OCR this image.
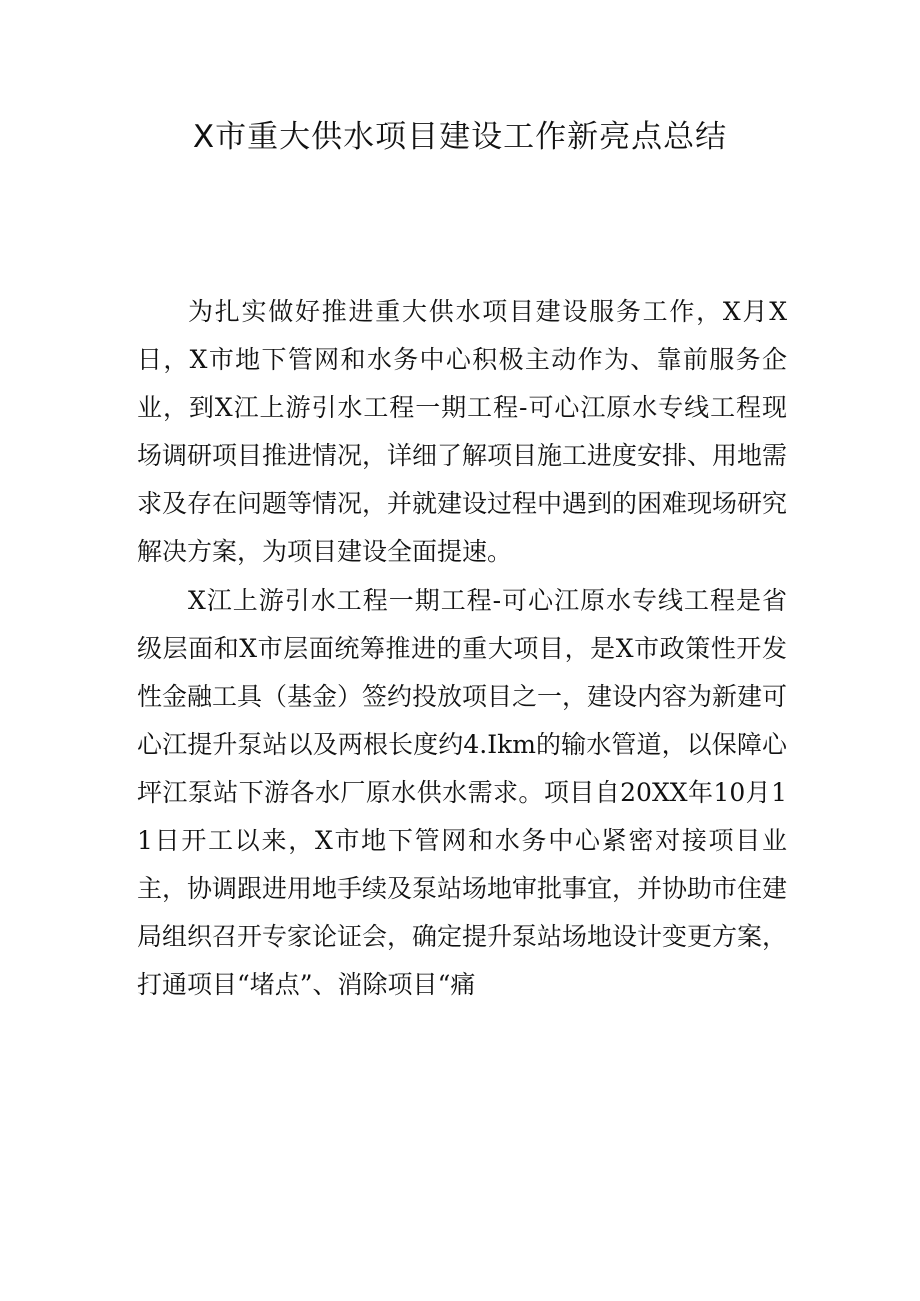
X市重大供水项目建设工作新亮点总结

为扎实做好推进重大供水项目建设服务工作，X月X日，X市地下管网和水务中心积极主动作为、靠前服务企业，到X江上游引水工程一期工程-可心江原水专线工程现场调研项目推进情况，详细了解项目施工进度安排、用地需求及存在问题等情况，并就建设过程中遇到的困难现场研究解决方案，为项目建设全面提速。

X江上游引水工程一期工程-可心江原水专线工程是省级层面和X市层面统筹推进的重大项目，是X市政策性开发性金融工具（基金）签约投放项目之一，建设内容为新建可心江提升泵站以及两根长度约4.Ikm的输水管道，以保障心坪江泵站下游各水厂原水供水需求。项目自20XX年10月11日开工以来，X市地下管网和水务中心紧密对接项目业主，协调跟进用地手续及泵站场地审批事宜，并协助市住建局组织召开专家论证会，确定提升泵站场地设计变更方案，打通项目“堵点”、消除项目“痛
